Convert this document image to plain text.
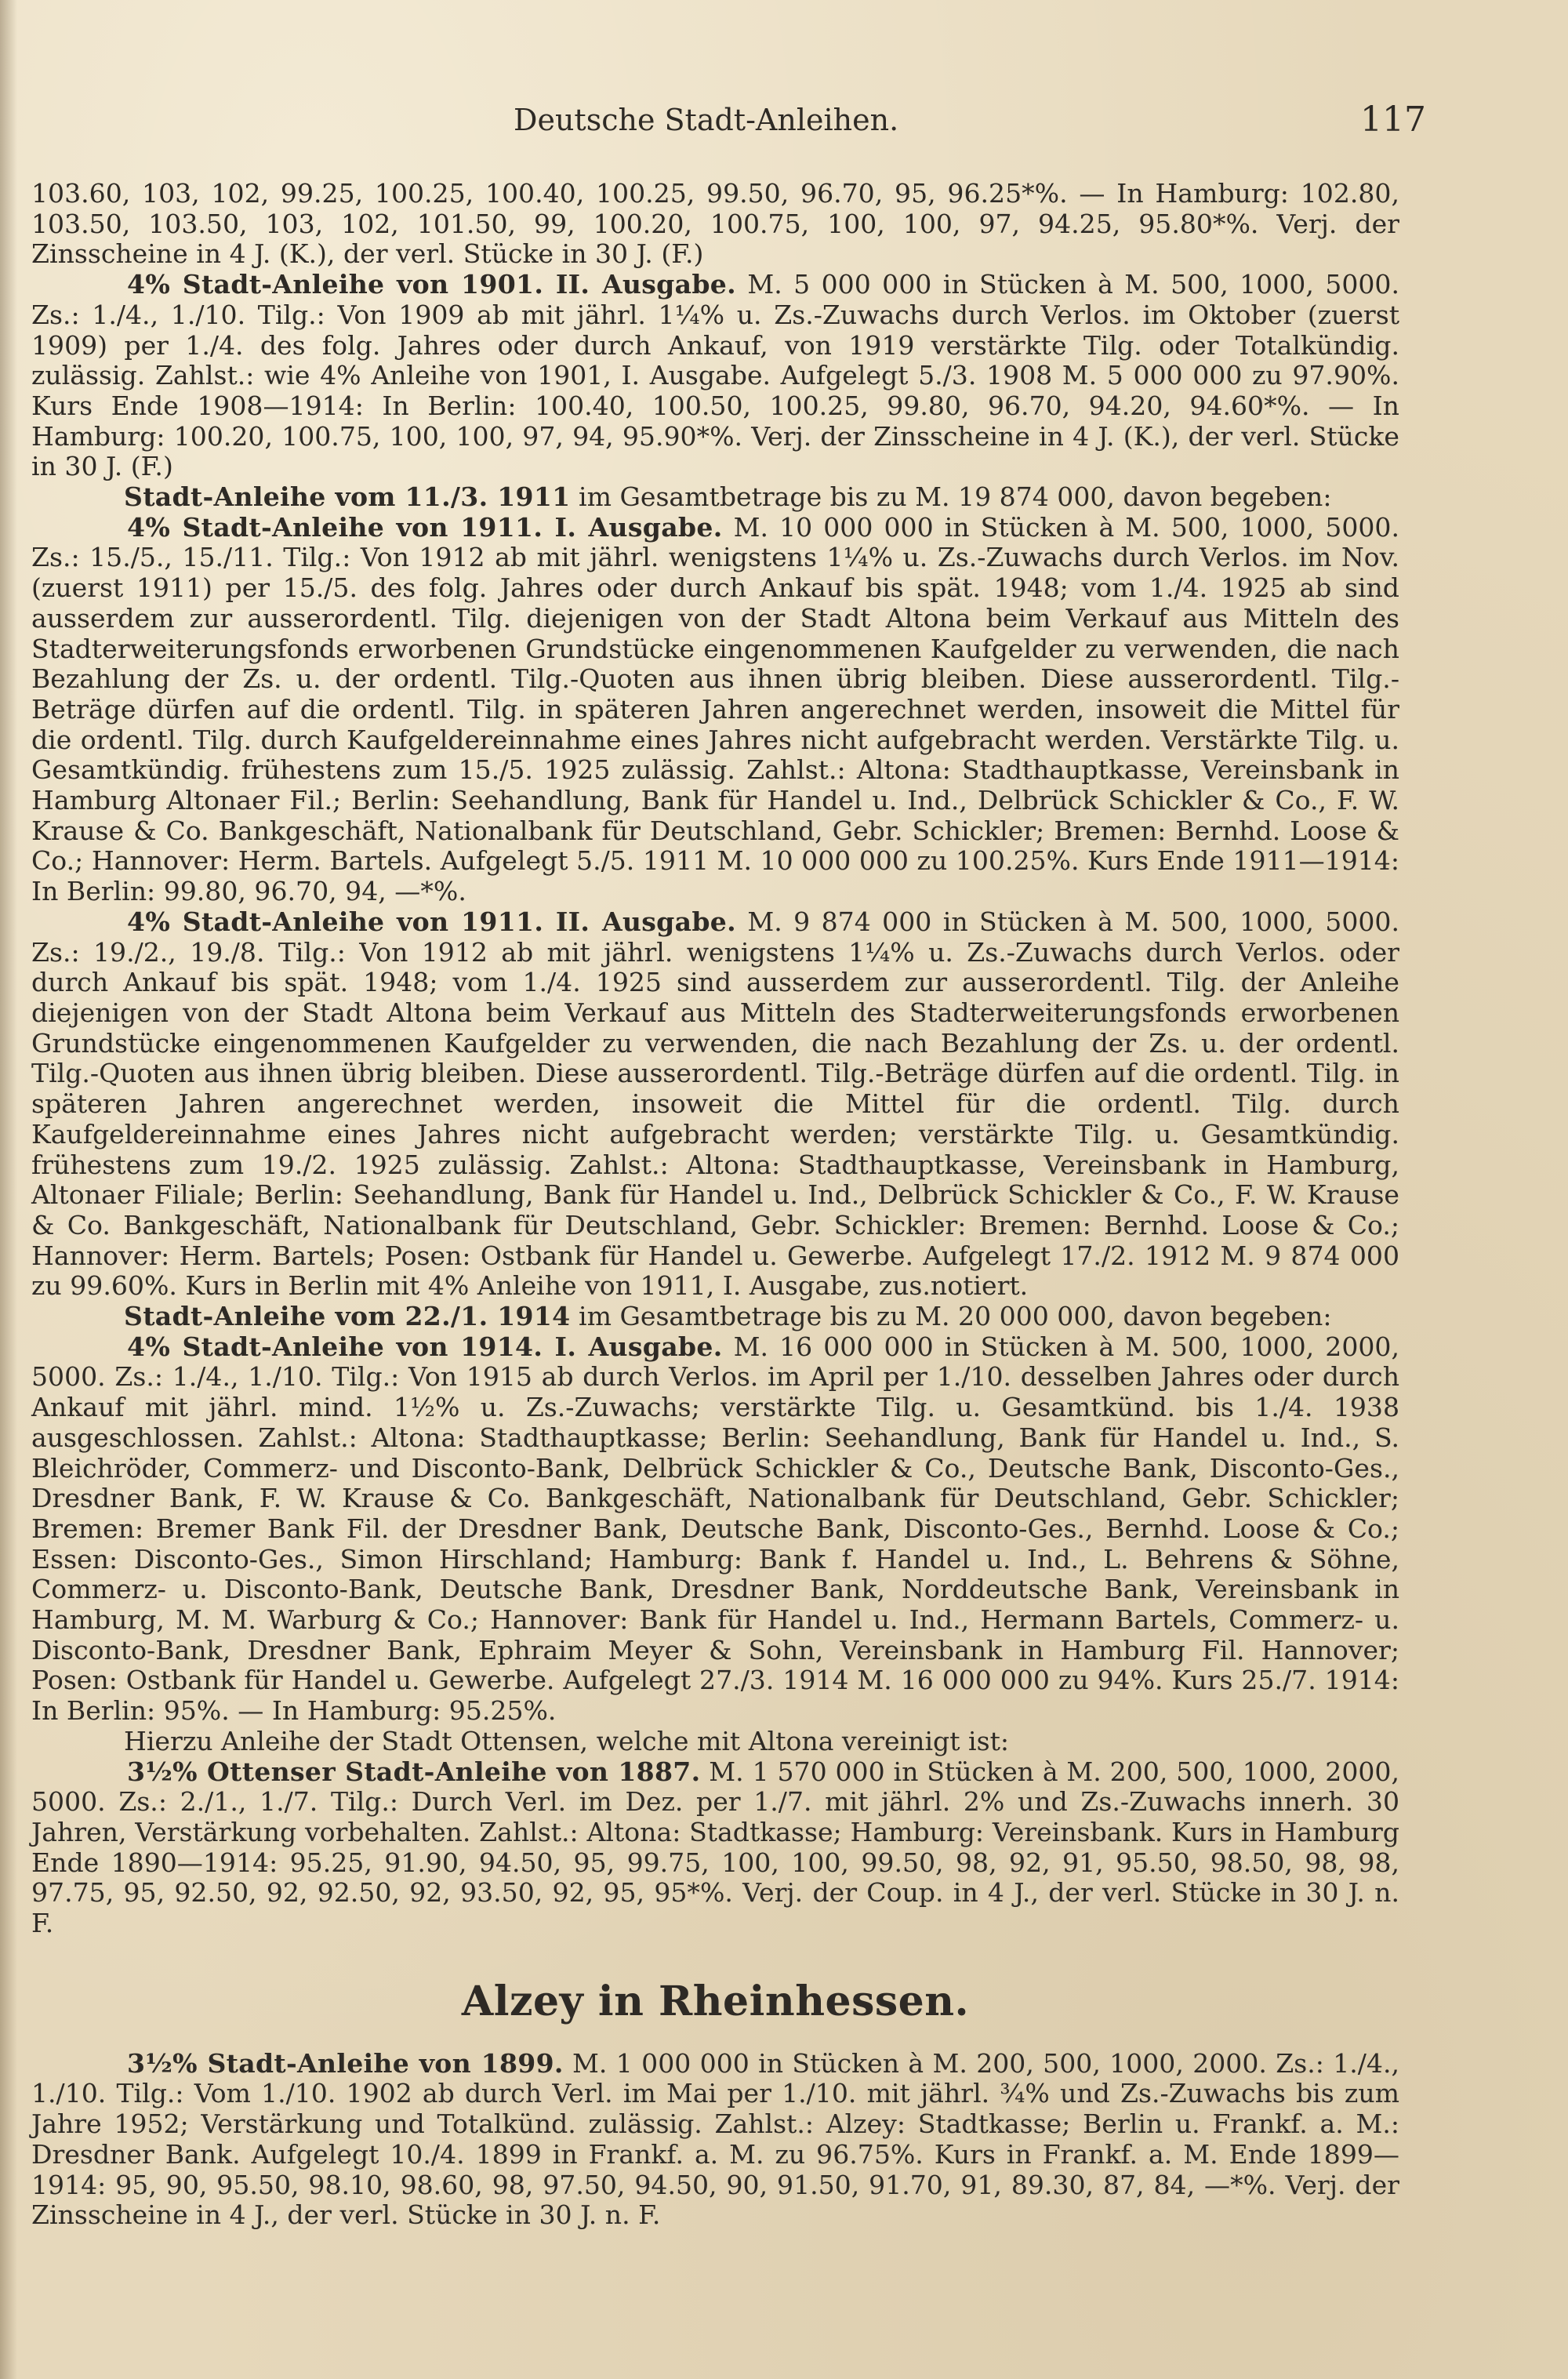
Deutsche Stadt-Anleihen.	117

103.60, 103, 102, 99.25, 100.25, 100.40, 100.25, 99.50, 96.70, 95, 96.25*%. — In Hamburg: 102.80, 103.50, 103.50, 103, 102, 101.50, 99, 100.20, 100.75, 100, 100, 97, 94.25, 95.80*%. Verj. der Zinsscheine in 4 J. (K.), der verl. Stücke in 30 J. (F.)

4% Stadt-Anleihe von 1901. II. Ausgabe. M. 5 000 000 in Stücken à M. 500, 1000, 5000. Zs.: 1./4., 1./10. Tilg.: Von 1909 ab mit jährl. 1¼% u. Zs.-Zuwachs durch Verlos. im Oktober (zuerst 1909) per 1./4. des folg. Jahres oder durch Ankauf, von 1919 verstärkte Tilg. oder Totalkündig. zulässig. Zahlst.: wie 4% Anleihe von 1901, I. Ausgabe. Aufgelegt 5./3. 1908 M. 5 000 000 zu 97.90%. Kurs Ende 1908—1914: In Berlin: 100.40, 100.50, 100.25, 99.80, 96.70, 94.20, 94.60*%. — In Hamburg: 100.20, 100.75, 100, 100, 97, 94, 95.90*%. Verj. der Zinsscheine in 4 J. (K.), der verl. Stücke in 30 J. (F.)

Stadt-Anleihe vom 11./3. 1911 im Gesamtbetrage bis zu M. 19 874 000, davon begeben:

4% Stadt-Anleihe von 1911. I. Ausgabe. M. 10 000 000 in Stücken à M. 500, 1000, 5000. Zs.: 15./5., 15./11. Tilg.: Von 1912 ab mit jährl. wenigstens 1¼% u. Zs.-Zuwachs durch Verlos. im Nov. (zuerst 1911) per 15./5. des folg. Jahres oder durch Ankauf bis spät. 1948; vom 1./4. 1925 ab sind ausserdem zur ausserordentl. Tilg. diejenigen von der Stadt Altona beim Verkauf aus Mitteln des Stadterweiterungsfonds erworbenen Grundstücke eingenommenen Kaufgelder zu verwenden, die nach Bezahlung der Zs. u. der ordentl. Tilg.-Quoten aus ihnen übrig bleiben. Diese ausserordentl. Tilg.-Beträge dürfen auf die ordentl. Tilg. in späteren Jahren angerechnet werden, insoweit die Mittel für die ordentl. Tilg. durch Kaufgeldereinnahme eines Jahres nicht aufgebracht werden. Verstärkte Tilg. u. Gesamtkündig. frühestens zum 15./5. 1925 zulässig. Zahlst.: Altona: Stadthauptkasse, Vereinsbank in Hamburg Altonaer Fil.; Berlin: Seehandlung, Bank für Handel u. Ind., Delbrück Schickler & Co., F. W. Krause & Co. Bankgeschäft, Nationalbank für Deutschland, Gebr. Schickler; Bremen: Bernhd. Loose & Co.; Hannover: Herm. Bartels. Aufgelegt 5./5. 1911 M. 10 000 000 zu 100.25%. Kurs Ende 1911—1914: In Berlin: 99.80, 96.70, 94, —*%.

4% Stadt-Anleihe von 1911. II. Ausgabe. M. 9 874 000 in Stücken à M. 500, 1000, 5000. Zs.: 19./2., 19./8. Tilg.: Von 1912 ab mit jährl. wenigstens 1¼% u. Zs.-Zuwachs durch Verlos. oder durch Ankauf bis spät. 1948; vom 1./4. 1925 sind ausserdem zur ausserordentl. Tilg. der Anleihe diejenigen von der Stadt Altona beim Verkauf aus Mitteln des Stadterweiterungsfonds erworbenen Grundstücke eingenommenen Kaufgelder zu verwenden, die nach Bezahlung der Zs. u. der ordentl. Tilg.-Quoten aus ihnen übrig bleiben. Diese ausserordentl. Tilg.-Beträge dürfen auf die ordentl. Tilg. in späteren Jahren angerechnet werden, insoweit die Mittel für die ordentl. Tilg. durch Kaufgeldereinnahme eines Jahres nicht aufgebracht werden; verstärkte Tilg. u. Gesamtkündig. frühestens zum 19./2. 1925 zulässig. Zahlst.: Altona: Stadthauptkasse, Vereinsbank in Hamburg, Altonaer Filiale; Berlin: Seehandlung, Bank für Handel u. Ind., Delbrück Schickler & Co., F. W. Krause & Co. Bankgeschäft, Nationalbank für Deutschland, Gebr. Schickler: Bremen: Bernhd. Loose & Co.; Hannover: Herm. Bartels; Posen: Ostbank für Handel u. Gewerbe. Aufgelegt 17./2. 1912 M. 9 874 000 zu 99.60%. Kurs in Berlin mit 4% Anleihe von 1911, I. Ausgabe, zus.notiert.

Stadt-Anleihe vom 22./1. 1914 im Gesamtbetrage bis zu M. 20 000 000, davon begeben:

4% Stadt-Anleihe von 1914. I. Ausgabe. M. 16 000 000 in Stücken à M. 500, 1000, 2000, 5000. Zs.: 1./4., 1./10. Tilg.: Von 1915 ab durch Verlos. im April per 1./10. desselben Jahres oder durch Ankauf mit jährl. mind. 1½% u. Zs.-Zuwachs; verstärkte Tilg. u. Gesamtkünd. bis 1./4. 1938 ausgeschlossen. Zahlst.: Altona: Stadthauptkasse; Berlin: Seehandlung, Bank für Handel u. Ind., S. Bleichröder, Commerz- und Disconto-Bank, Delbrück Schickler & Co., Deutsche Bank, Disconto-Ges., Dresdner Bank, F. W. Krause & Co. Bankgeschäft, Nationalbank für Deutschland, Gebr. Schickler; Bremen: Bremer Bank Fil. der Dresdner Bank, Deutsche Bank, Disconto-Ges., Bernhd. Loose & Co.; Essen: Disconto-Ges., Simon Hirschland; Hamburg: Bank f. Handel u. Ind., L. Behrens & Söhne, Commerz- u. Disconto-Bank, Deutsche Bank, Dresdner Bank, Norddeutsche Bank, Vereinsbank in Hamburg, M. M. Warburg & Co.; Hannover: Bank für Handel u. Ind., Hermann Bartels, Commerz- u. Disconto-Bank, Dresdner Bank, Ephraim Meyer & Sohn, Vereinsbank in Hamburg Fil. Hannover; Posen: Ostbank für Handel u. Gewerbe. Aufgelegt 27./3. 1914 M. 16 000 000 zu 94%. Kurs 25./7. 1914: In Berlin: 95%. — In Hamburg: 95.25%.

Hierzu Anleihe der Stadt Ottensen, welche mit Altona vereinigt ist:

3½% Ottenser Stadt-Anleihe von 1887. M. 1 570 000 in Stücken à M. 200, 500, 1000, 2000, 5000. Zs.: 2./1., 1./7. Tilg.: Durch Verl. im Dez. per 1./7. mit jährl. 2% und Zs.-Zuwachs innerh. 30 Jahren, Verstärkung vorbehalten. Zahlst.: Altona: Stadtkasse; Hamburg: Vereinsbank. Kurs in Hamburg Ende 1890—1914: 95.25, 91.90, 94.50, 95, 99.75, 100, 100, 99.50, 98, 92, 91, 95.50, 98.50, 98, 98, 97.75, 95, 92.50, 92, 92.50, 92, 93.50, 92, 95, 95*%. Verj. der Coup. in 4 J., der verl. Stücke in 30 J. n. F.

Alzey in Rheinhessen.

3½% Stadt-Anleihe von 1899. M. 1 000 000 in Stücken à M. 200, 500, 1000, 2000. Zs.: 1./4., 1./10. Tilg.: Vom 1./10. 1902 ab durch Verl. im Mai per 1./10. mit jährl. ¾% und Zs.-Zuwachs bis zum Jahre 1952; Verstärkung und Totalkünd. zulässig. Zahlst.: Alzey: Stadtkasse; Berlin u. Frankf. a. M.: Dresdner Bank. Aufgelegt 10./4. 1899 in Frankf. a. M. zu 96.75%. Kurs in Frankf. a. M. Ende 1899—1914: 95, 90, 95.50, 98.10, 98.60, 98, 97.50, 94.50, 90, 91.50, 91.70, 91, 89.30, 87, 84, —*%. Verj. der Zinsscheine in 4 J., der verl. Stücke in 30 J. n. F.
